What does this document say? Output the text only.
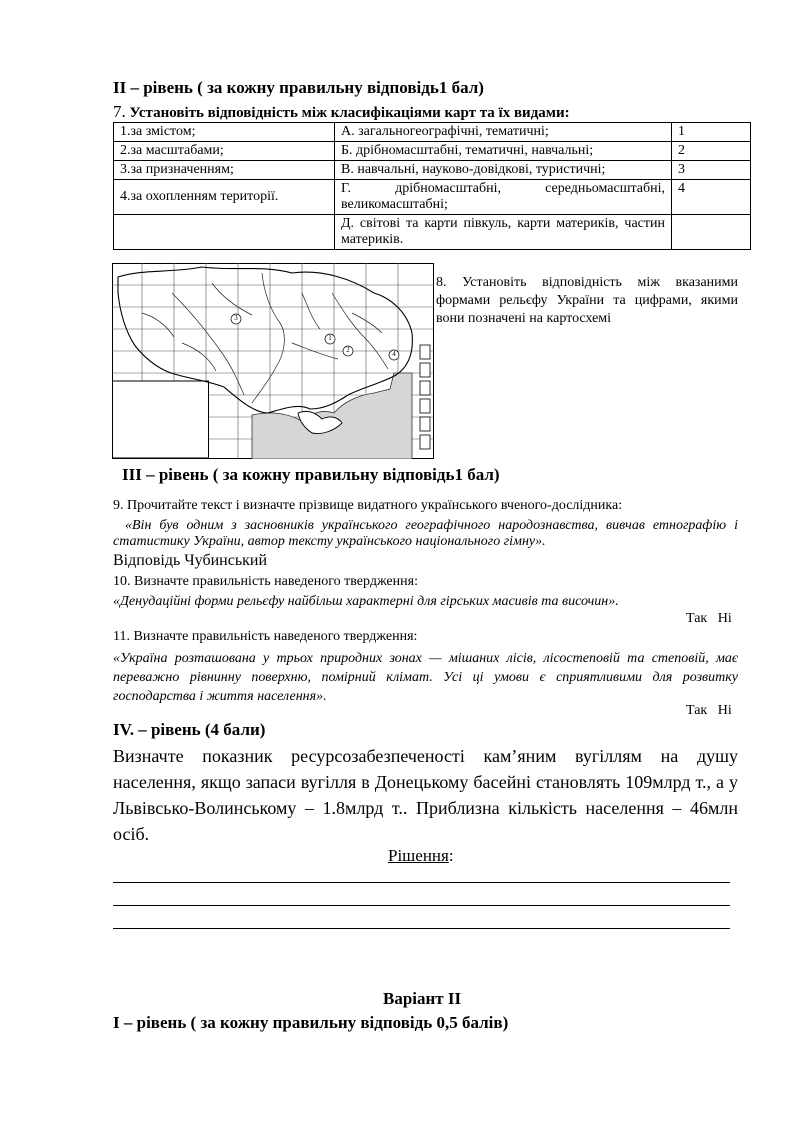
II – рівень ( за кожну правильну відповідь1 бал)
7. Установіть відповідність між класифікаціями карт та їх видами:
1.за змістом;	А. загальногеографічні, тематичні;	1
2.за масштабами;	Б. дрібномасштабні, тематичні, навчальні;	2
3.за призначенням;	В. навчальні, науково-довідкові, туристичні;	3
4.за охопленням території.	Г. дрібномасштабні, середньомасштабні, великомасштабні;	4
	Д. світові та карти півкуль, карти материків, частин материків.	
1
2
3
4
8. Установіть відповідність між вказаними формами рельєфу України та цифрами, якими вони позначені на картосхемі
III – рівень ( за кожну правильну відповідь1 бал)
9. Прочитайте текст і визначте прізвище видатного українського вченого-дослідника:
«Він був одним з засновників українського географічного народознавства, вивчав етнографію і статистику України, автор тексту українського національного гімну».
Відповідь Чубинський
10. Визначте правильність наведеного твердження:
«Денудаційні форми рельєфу найбільш характерні для гірських масивів та височин».
Так   Ні
11. Визначте правильність наведеного твердження:
«Україна розташована у трьох природних зонах — мішаних лісів, лісостеповій та степовій, має переважно рівнинну поверхню, помірний клімат. Усі ці умови є сприятливими для розвитку господарства і життя населення».
Так   Ні
IV. – рівень (4 бали)
Визначте показник ресурсозабезпеченості кам’яним вугіллям на душу населення, якщо запаси вугілля в Донецькому басейні становлять 109млрд т., а у Львівсько-Волинському – 1.8млрд т.. Приблизна кількість населення – 46млн осіб.
Рішення:
Варіант ІІ
І – рівень ( за кожну правильну відповідь 0,5 балів)
